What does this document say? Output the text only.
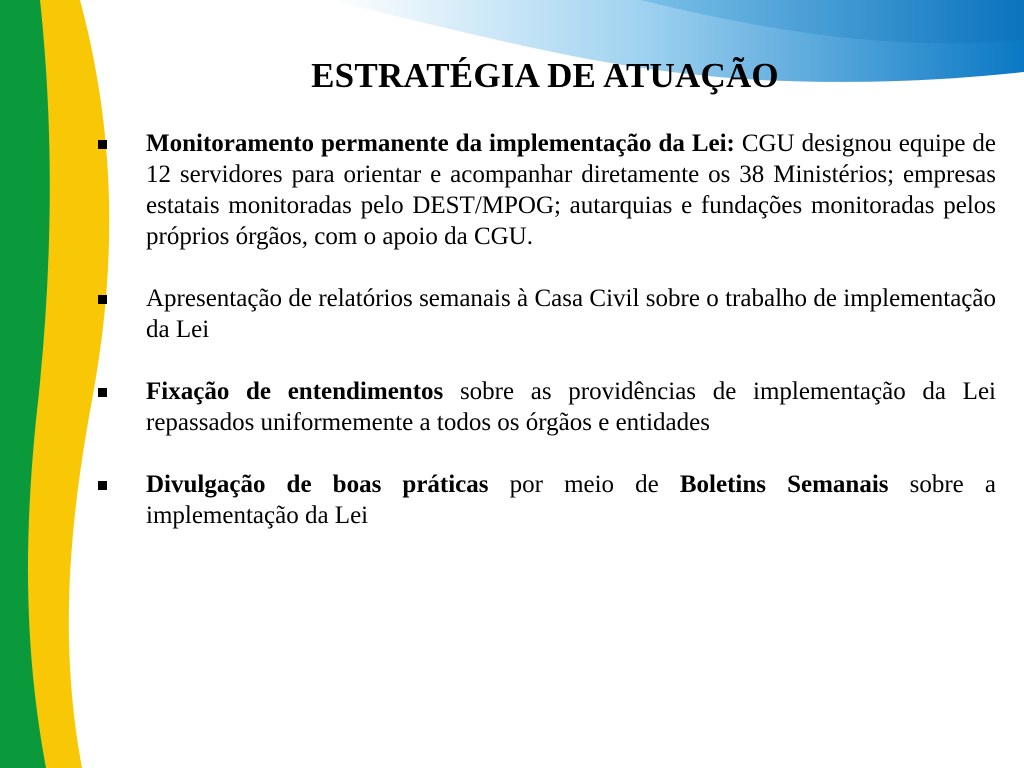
ESTRATÉGIA DE ATUAÇÃO
Monitoramento permanente da implementação da Lei: CGU designou equipe de 12 servidores para orientar e acompanhar diretamente os 38 Ministérios; empresas estatais monitoradas pelo DEST/MPOG; autarquias e fundações monitoradas pelos próprios órgãos, com o apoio da CGU.
Apresentação de relatórios semanais à Casa Civil sobre o trabalho de implementação da Lei
Fixação de entendimentos sobre as providências de implementação da Lei repassados uniformemente a todos os órgãos e entidades
Divulgação de boas práticas por meio de Boletins Semanais sobre a implementação da Lei
